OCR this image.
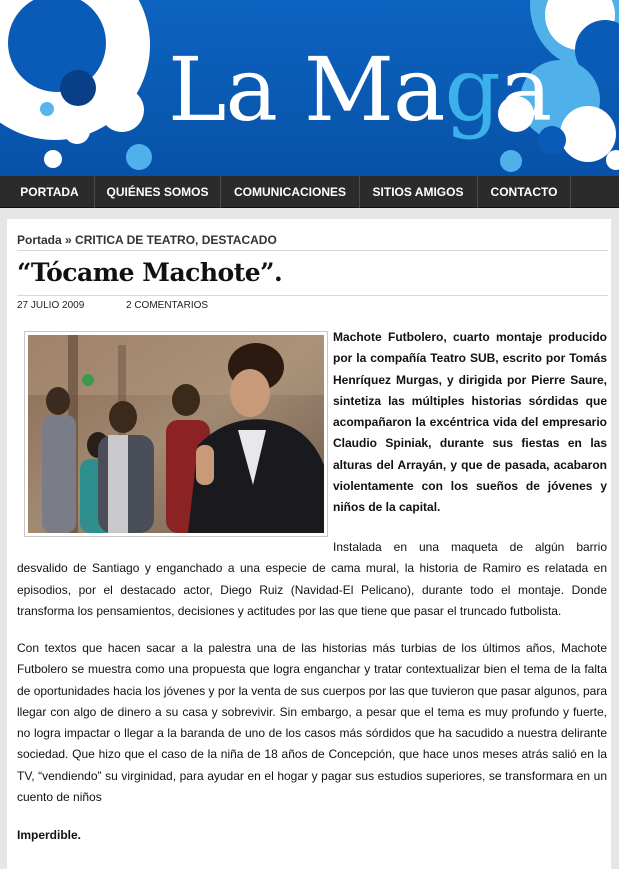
La Maga
PORTADA	QUIÉNES SOMOS	COMUNICACIONES	SITIOS AMIGOS	CONTACTO
Portada » CRITICA DE TEATRO, DESTACADO
“Tócame Machote”.
27 JULIO 2009	2 COMENTARIOS
Machote Futbolero, cuarto montaje producido por la compañía Teatro SUB, escrito por Tomás Henríquez Murgas, y dirigida por Pierre Saure, sintetiza las múltiples historias sórdidas que acompañaron la excéntrica vida del empresario Claudio Spiniak, durante sus fiestas en las alturas del Arrayán, y que de pasada, acabaron violentamente con los sueños de jóvenes y niños de la capital.
Instalada en una maqueta de algún barrio desvalido de Santiago y enganchado a una especie de cama mural, la historia de Ramiro es relatada en episodios, por el destacado actor, Diego Ruiz (Navidad-El Pelicano), durante todo el montaje. Donde transforma los pensamientos, decisiones y actitudes por las que tiene que pasar el truncado futbolista.
Con textos que hacen sacar a la palestra una de las historias más turbias de los últimos años, Machote Futbolero se muestra como una propuesta que logra enganchar y tratar contextualizar bien el tema de la falta de oportunidades hacia los jóvenes y por la venta de sus cuerpos por las que tuvieron que pasar algunos, para llegar con algo de dinero a su casa y sobrevivir. Sin embargo, a pesar que el tema es muy profundo y fuerte, no logra impactar o llegar a la baranda de uno de los casos más sórdidos que ha sacudido a nuestra delirante sociedad. Que hizo que el caso de la niña de 18 años de Concepción, que hace unos meses atrás salió en la TV, “vendiendo” su virginidad, para ayudar en el hogar y pagar sus estudios superiores, se transformara en un cuento de niños
Imperdible.
